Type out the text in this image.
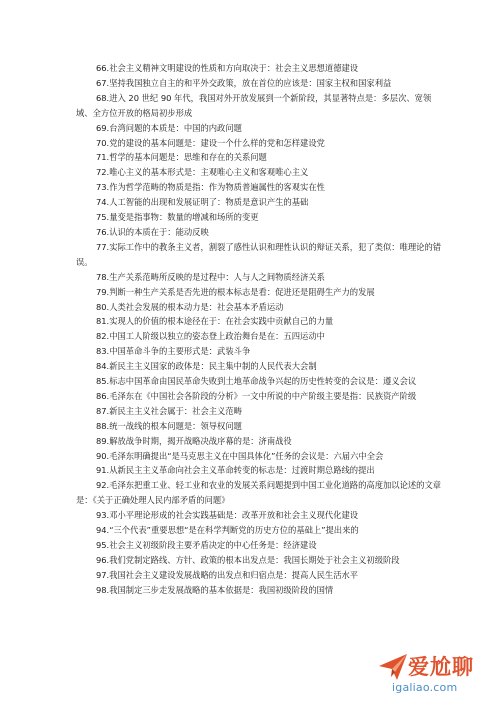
66.社会主义精神文明建设的性质和方向取决于：社会主义思想道德建设

67.坚持我国独立自主的和平外交政策，放在首位的应该是：国家主权和国家利益

68.进入 20 世纪 90 年代，我国对外开放发展到一个新阶段，其显著特点是：多层次、宽领域、全方位开放的格局初步形成

69.台湾问题的本质是：中国的内政问题

70.党的建设的基本问题是：建设一个什么样的党和怎样建设党

71.哲学的基本问题是：思维和存在的关系问题

72.唯心主义的基本形式是：主观唯心主义和客观唯心主义

73.作为哲学范畴的物质是指：作为物质普遍属性的客观实在性

74.人工智能的出现和发展证明了：物质是意识产生的基础

75.量变是指事物：数量的增减和场所的变更

76.认识的本质在于：能动反映

77.实际工作中的教条主义者，割裂了感性认识和理性认识的辩证关系，犯了类似：唯理论的错误。

78.生产关系范畴所反映的是过程中：人与人之间物质经济关系

79.判断一种生产关系是否先进的根本标志是看：促进还是阻碍生产力的发展

80.人类社会发展的根本动力是：社会基本矛盾运动

81.实现人的价值的根本途径在于：在社会实践中贡献自己的力量

82.中国工人阶级以独立的姿态登上政治舞台是在：五四运动中

83.中国革命斗争的主要形式是：武装斗争

84.新民主主义国家的政体是：民主集中制的人民代表大会制

85.标志中国革命由国民革命失败到土地革命战争兴起的历史性转变的会议是：遵义会议

86.毛泽东在《中国社会各阶段的分析》一文中所说的中产阶级主要是指：民族资产阶级

87.新民主主义社会属于：社会主义范畴

88.统一战线的根本问题是：领导权问题

89.解放战争时期，揭开战略决战序幕的是：济南战役

90.毛泽东明确提出“是马克思主义在中国具体化”任务的会议是：六届六中全会

91.从新民主主义革命向社会主义革命转变的标志是：过渡时期总路线的提出

92.毛泽东把重工业、轻工业和农业的发展关系问题提到中国工业化道路的高度加以论述的文章是：《关于正确处理人民内部矛盾的问题》

93.邓小平理论形成的社会实践基础是：改革开放和社会主义现代化建设

94.“三个代表”重要思想“是在科学判断党的历史方位的基础上”提出来的

95.社会主义初级阶段主要矛盾决定的中心任务是：经济建设

96.我们党制定路线、方针、政策的根本出发点是：我国长期处于社会主义初级阶段

97.我国社会主义建设发展战略的出发点和归宿点是：提高人民生活水平

98.我国制定三步走发展战略的基本依据是：我国初级阶段的国情

爱尬聊
igaliao.com
